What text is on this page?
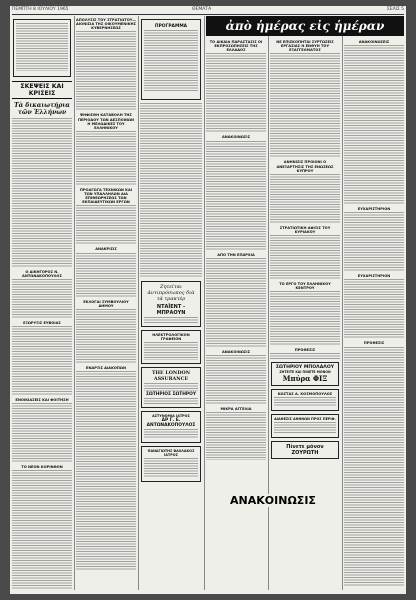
ΠΕΜΠΤΗ 8 ΙΟΥΛΙΟΥ 1965	ΘΕΜΑΤΑ	ΣΕΛΙΣ 5
ΣΚΕΨΕΙΣ ΚΑΙ ΚΡΙΣΕΙΣ
Τὰ δικαιωτήρια τῶν Ἑλλήνων
Ο ΔΙΚΗΓΟΡΟΣ Ν. ΑΝΤΩΝΑΚΟΠΟΥΛΟΣ
ΕΞΩΡΥΞΙΣ ΕΥΒΟΙΑΣ
ΕΝΟΙΚΙΑΣΕΙΣ ΚΑΙ ΦΟΙΤΗΣΗ
ΤΟ ΝΕΟΝ ΚΟΡΙΝΘΟΝ
ΑΠΟΛΥΣΙΣ ΤΟΥ ΣΤΡΑΤΙΩΤΟΥ—ΔΙΟΝΙΣΙΑ ΤΗΣ ΟΙΚΟΥΜΕΝΙΚΗΣ ΚΥΒΕΡΝΗΣΕΩΣ
ΨΗΦΙΣΘΗ ΚΑΤΑΒΟΛΗ ΤΗΣ ΠΕΡΙΟΔΟΥ ΤΩΝ ΔΕΣΠΟΙΝΩΝ Η ΜΕΛΩΔΙΚΕΣ ΤΟΥ ΕΛΛΗΝΙΚΟΥ
ΠΡΟΑΓΩΓΑ ΤΕΧΝΙΚΩΝ ΚΑΙ ΤΩΝ ΥΠΑΛΛΗΛΩΝ ΔΙΑ ΕΠΙΘΕΩΡΗΣΕΩΣ ΤΩΝ ΕΚΠΑΙΔΕΥΤΙΚΩΝ ΕΡΓΩΝ
ΑΝΑΚΡΙΣΙΣ
ΕΚΛΟΓΑΙ ΣΥΜΒΟΥΛΙΟΥ ΔΗΜΟΥ
ΕΝΑΡΞΙΣ ΔΙΑΚΟΠΩΝ
ΠΡΟΓΡΑΜΜΑ
Ζητεῖται ἀντιπρόσωπος διὰ τὰ τρακτέρ
ΝΤΑΪΕΝΤ - ΜΠΡΑΟΥΝ
ΗΛΕΚΤΡΟΛΟΓΙΚΟΝ ΓΡΑΦΕΙΟΝ
THE LONDON ASSURANCE
ΣΩΤΗΡΙΟΣ ΣΩΤΗΡΟΥ
ΑΣΤΥΝΟΜΙΑ ΙΑΤΡΟΣ
ΔΡ Γ. Ε. ΑΝΤΩΝΑΚΟΠΟΥΛΟΣ
ΠΑΝΑΓΙΩΤΗΣ ΒΑΧΛΑΚΟΣ ΙΑΤΡΟΣ
ἀπὸ ἡμέρας εἰς ἡμέραν
ΤΟ ΔΙΚΑΙΑ ΠΑΡΑΣΤΑΣΙΣ ΟΙ ΕΚΠΡΟΣΩΠΗΣΕΙΣ ΤΗΣ ΕΛΛΑΔΟΣ
ΑΝΑΚΟΙΝΩΣΙΣ
ΑΠΟ ΤΗΝ ΕΠΑΡΧΙΑ
ΑΝΑΚΟΙΝΩΣΙΣ
ΜΙΚΡΑ ΑΓΓΕΛΙΑ
ΝΕ ΕΠΙΣΚΟΠΗΤΑΙ ΣΥΡΤΩΣΕΙΣ ΕΡΓΑΣΙΑΣ Η ΕΝΘΥΗ ΤΟΥ ΕΞΑΓΓΕΛΜΑΤΟΣ
ΑΝΗΝΙΣΙΣ ΠΡΟΙΟΝΙ Ο ΑΝΕΞΑΡΤΗΣΙΣ ΤΗΣ ΕΝΩΣΕΩΣ ΚΥΠΡΟΥ
ΣΤΡΑΤΙΩΤΙΚΗ ΑΦΙΞΙΣ ΤΟΥ ΚΥΡΙΑΚΟΥ
ΤΟ ΕΡΓΟ ΤΟΥ ΕΛΛΗΝΙΚΟΥ ΚΕΝΤΡΟΥ
ΠΡΟΘΕΣΙΣ
ΣΩΤΗΡΙΟΥ ΜΠΟΛΑΛΟΥ
ΖΗΤΕΙΤΕ ΚΑΙ ΠΙΝΕΤΕ ΜΟΝΟΝ
Μπύρα ΦΙΞ
ΚΩΣΤΑΣ Α. ΚΟΣΜΟΠΟΥΛΟΣ
ΔΙΑΘΕΣΙΣ ΑΘΗΝΩΝ ΠΡΟΣ ΠΕΡΙΦ.
Πίνετε μόνον ΖΟΥΡΩΤΗ
ΑΝΑΚΟΙΝΩΣΕΙΣ
ΕΥΧΑΡΙΣΤΗΡΙΟΝ
ΕΥΧΑΡΙΣΤΗΡΙΟΝ
ΠΡΟΘΕΣΙΣ
ΑΝΑΚΟΙΝΩΣΙΣ
